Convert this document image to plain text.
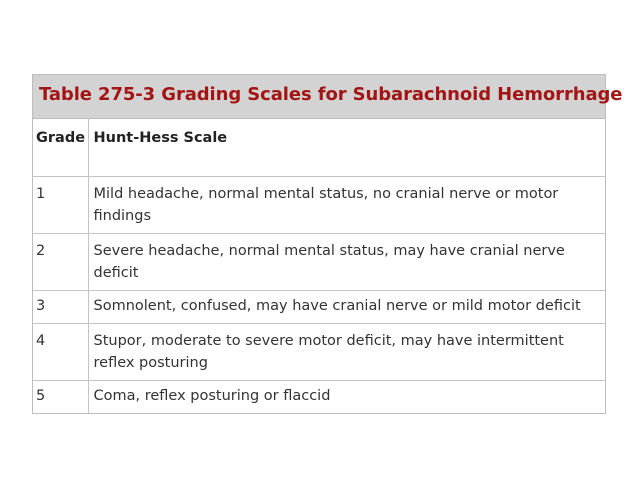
Table 275-3 Grading Scales for Subarachnoid Hemorrhage
Grade	Hunt-Hess Scale
1	Mild headache, normal mental status, no cranial nerve or motor findings
2	Severe headache, normal mental status, may have cranial nerve deficit
3	Somnolent, confused, may have cranial nerve or mild motor deficit
4	Stupor, moderate to severe motor deficit, may have intermittent reflex posturing
5	Coma, reflex posturing or flaccid
